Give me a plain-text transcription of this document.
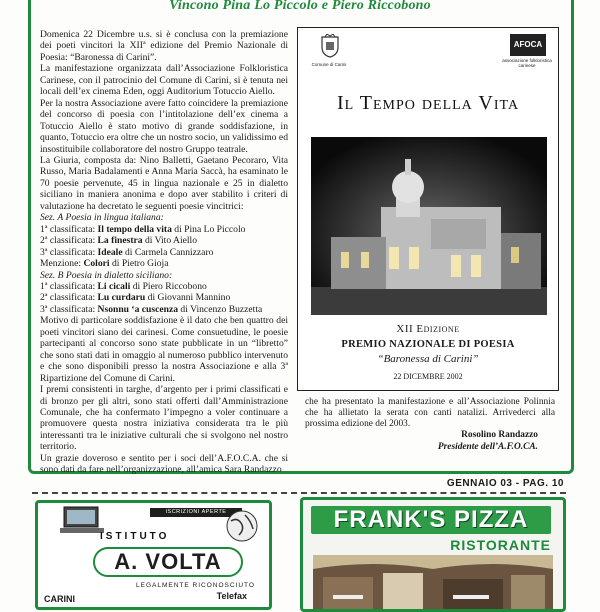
Vincono Pina Lo Piccolo e Piero Riccobono

Domenica 22 Dicembre u.s. si è conclusa con la premiazione dei poeti vincitori la XIIª edizione del Premio Nazionale di Poesia: “Baronessa di Carini”.

La manifestazione organizzata dall’Associazione Folkloristica Carinese, con il patrocinio del Comune di Carini, si è tenuta nei locali dell’ex cinema Eden, oggi Auditorium Totuccio Aiello.

Per la nostra Associazione avere fatto coincidere la premiazione del concorso di poesia con l’intitolazione dell’ex cinema a Totuccio Aiello è stato motivo di grande soddisfazione, in quanto, Totuccio era oltre che un nostro socio, un validissimo ed insostituibile collaboratore del nostro Gruppo teatrale.

La Giuria, composta da: Nino Balletti, Gaetano Pecoraro, Vita Russo, Maria Badalamenti e Anna Maria Saccà, ha esaminato le 70 poesie pervenute, 45 in lingua nazionale e 25 in dialetto siciliano in maniera anonima e dopo aver stabilito i criteri di valutazione ha decretato le seguenti poesie vincitrici:

Sez. A Poesia in lingua italiana:

1ª classificata: Il tempo della vita di Pina Lo Piccolo

2ª classificata: La finestra di Vito Aiello

3ª classificata: Ideale di Carmela Cannizzaro

Menzione: Colori di Pietro Gioja

Sez. B Poesia in dialetto siciliano:

1ª classificata: Li cicali di Piero Riccobono

2ª classificata: Lu curdaru di Giovanni Mannino

3ª classificata: Nsonnu ‘a cuscenza di Vincenzo Buzzetta

Motivo di particolare soddisfazione è il dato che ben quattro dei poeti vincitori siano dei carinesi. Come consuetudine, le poesie partecipanti al concorso sono state pubblicate in un “libretto” che sono stati dati in omaggio al numeroso pubblico intervenuto e che sono disponibili presso la nostra Associazione e alla 3ª Ripartizione del Comune di Carini.

I premi consistenti in targhe, d’argento per i primi classificati e di bronzo per gli altri, sono stati offerti dall’Amministrazione Comunale, che ha confermato l’impegno a voler continuare a promuovere questa nostra iniziativa considerata tra le più interessanti tra le iniziative culturali che si svolgono nel nostro territorio.

Un grazie doveroso e sentito per i soci dell’A.F.O.C.A. che si sono dati da fare nell’organizzazione, all’amica Sara Randazzo

Comune di Carini
AFOCA
associazione folkloristica carinese
Il Tempo della Vita
XII Edizione
PREMIO NAZIONALE DI POESIA
“Baronessa di Carini”
22 DICEMBRE 2002
che ha presentato la manifestazione e all’Associazione Polinnia che ha allietato la serata con canti natalizi. Arrivederci alla prossima edizione del 2003.
Rosolino Randazzo
Presidente dell’A.F.O.CA.
GENNAIO 03 - PAG. 10
ISCRIZIONI APERTE
ISTITUTO
A. VOLTA
LEGALMENTE RICONOSCIUTO
CARINI	Telefax
FRANK'S PIZZA
RISTORANTE
